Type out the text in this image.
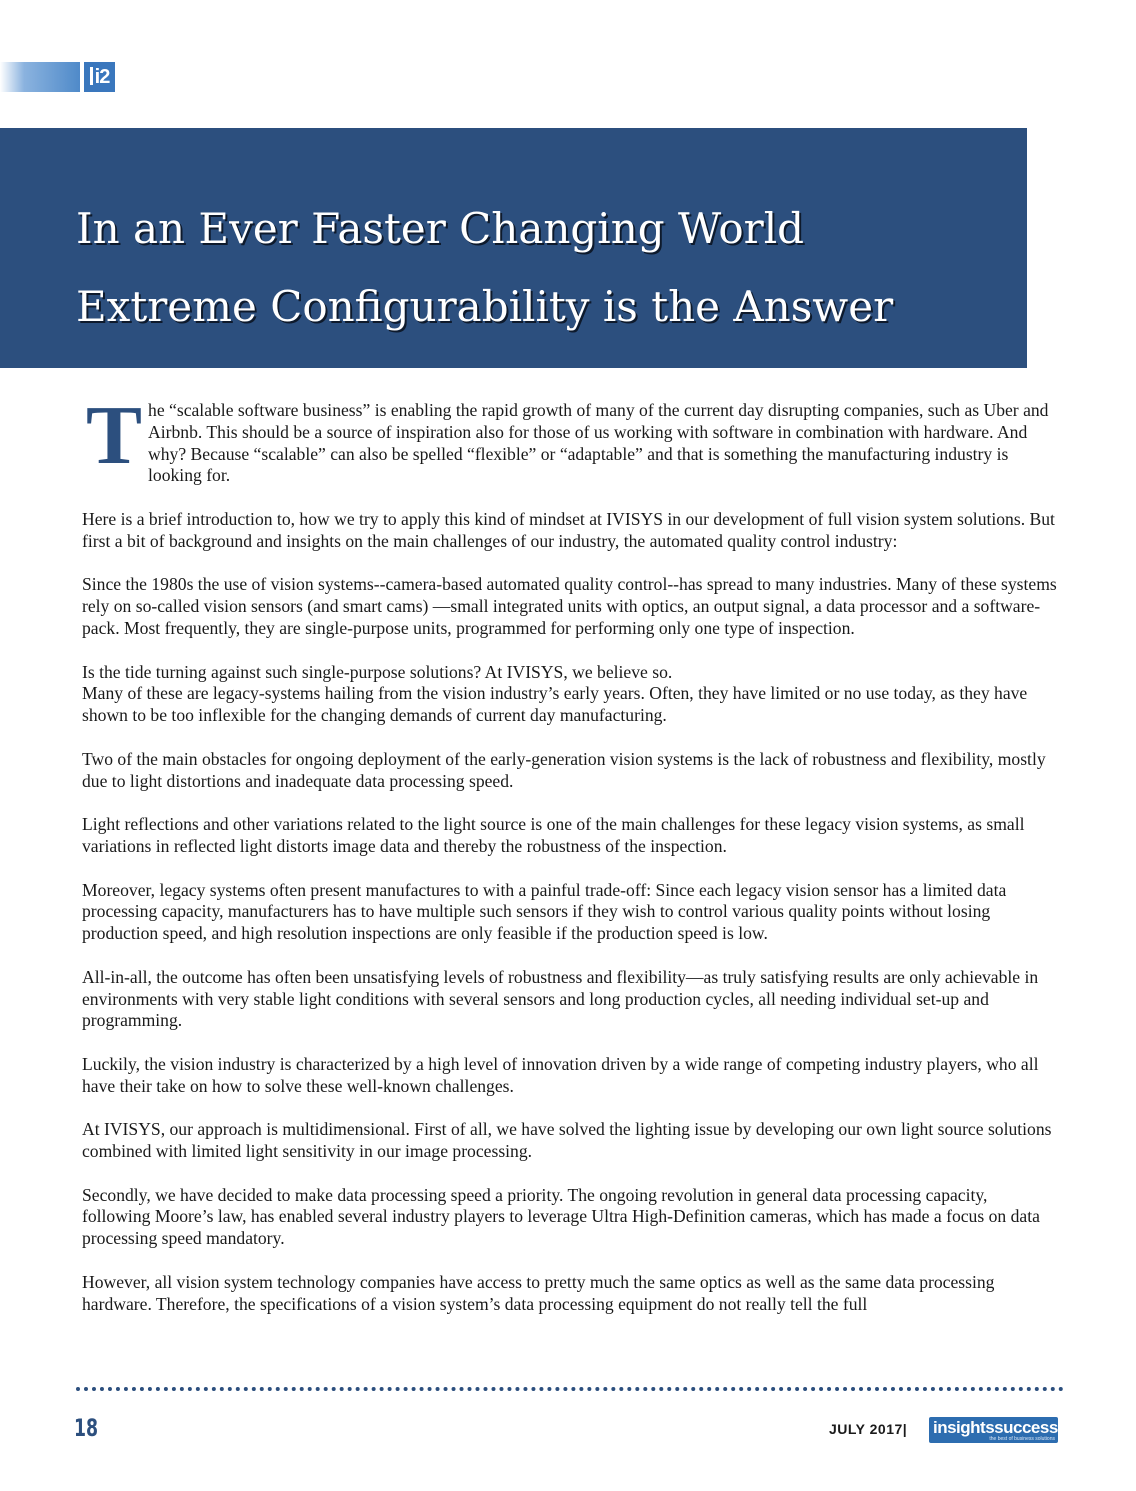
i2
In an Ever Faster Changing World
Extreme Configurability is the Answer

The “scalable software business” is enabling the rapid growth of many of the current day disrupting companies, such as Uber and Airbnb. This should be a source of inspiration also for those of us working with software in combination with hardware. And why? Because “scalable” can also be spelled “flexible” or “adaptable” and that is something the manufacturing industry is looking for.

Here is a brief introduction to, how we try to apply this kind of mindset at IVISYS in our development of full vision system solutions. But first a bit of background and insights on the main challenges of our industry, the automated quality control industry:

Since the 1980s the use of vision systems--camera-based automated quality control--has spread to many industries. Many of these systems rely on so-called vision sensors (and smart cams) —small integrated units with optics, an output signal, a data processor and a software-pack. Most frequently, they are single-purpose units, programmed for performing only one type of inspection.

Is the tide turning against such single-purpose solutions? At IVISYS, we believe so.
Many of these are legacy-systems hailing from the vision industry’s early years. Often, they have limited or no use today, as they have shown to be too inflexible for the changing demands of current day manufacturing.

Two of the main obstacles for ongoing deployment of the early-generation vision systems is the lack of robustness and flexibility, mostly due to light distortions and inadequate data processing speed.

Light reflections and other variations related to the light source is one of the main challenges for these legacy vision systems, as small variations in reflected light distorts image data and thereby the robustness of the inspection.

Moreover, legacy systems often present manufactures to with a painful trade-off: Since each legacy vision sensor has a limited data processing capacity, manufacturers has to have multiple such sensors if they wish to control various quality points without losing production speed, and high resolution inspections are only feasible if the production speed is low.

All-in-all, the outcome has often been unsatisfying levels of robustness and flexibility—as truly satisfying results are only achievable in environments with very stable light conditions with several sensors and long production cycles, all needing individual set-up and programming.

Luckily, the vision industry is characterized by a high level of innovation driven by a wide range of competing industry players, who all have their take on how to solve these well-known challenges.

At IVISYS, our approach is multidimensional. First of all, we have solved the lighting issue by developing our own light source solutions combined with limited light sensitivity in our image processing.

Secondly, we have decided to make data processing speed a priority. The ongoing revolution in general data processing capacity, following Moore’s law, has enabled several industry players to leverage Ultra High-Definition cameras, which has made a focus on data processing speed mandatory.

However, all vision system technology companies have access to pretty much the same optics as well as the same data processing hardware. Therefore, the specifications of a vision system’s data processing equipment do not really tell the full

18	JULY 2017| insightssuccess
the best of business solutions
